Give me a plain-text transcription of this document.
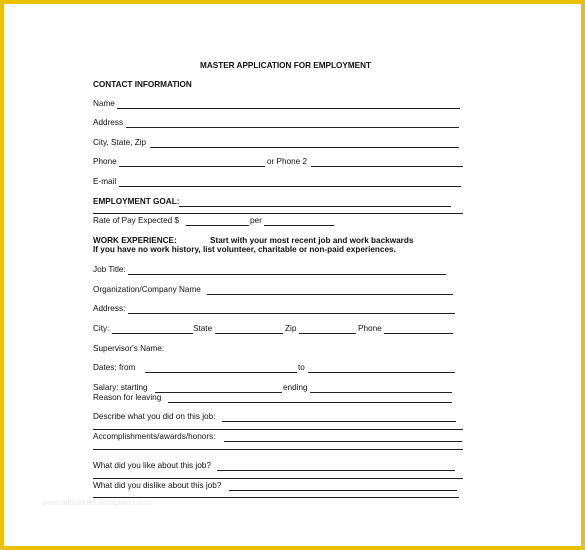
MASTER APPLICATION FOR EMPLOYMENT
CONTACT INFORMATION
Name
Address
City, State, Zip
Phone	or Phone 2
E-mail
EMPLOYMENT GOAL:
Rate of Pay Expected $	per
WORK EXPERIENCE:	Start with your most recent job and work backwards
If you have no work history, list volunteer, charitable or non-paid experiences.
Job Title:
Organization/Company Name
Address:
City:	State	Zip	Phone
Supervisor's Name:
Dates: from	to
Salary: starting	ending
Reason for leaving
Describe what you did on this job:
Accomplishments/awards/honors:
What did you like about this job?
What did you dislike about this job?
www.allbusinesstemplates.com
